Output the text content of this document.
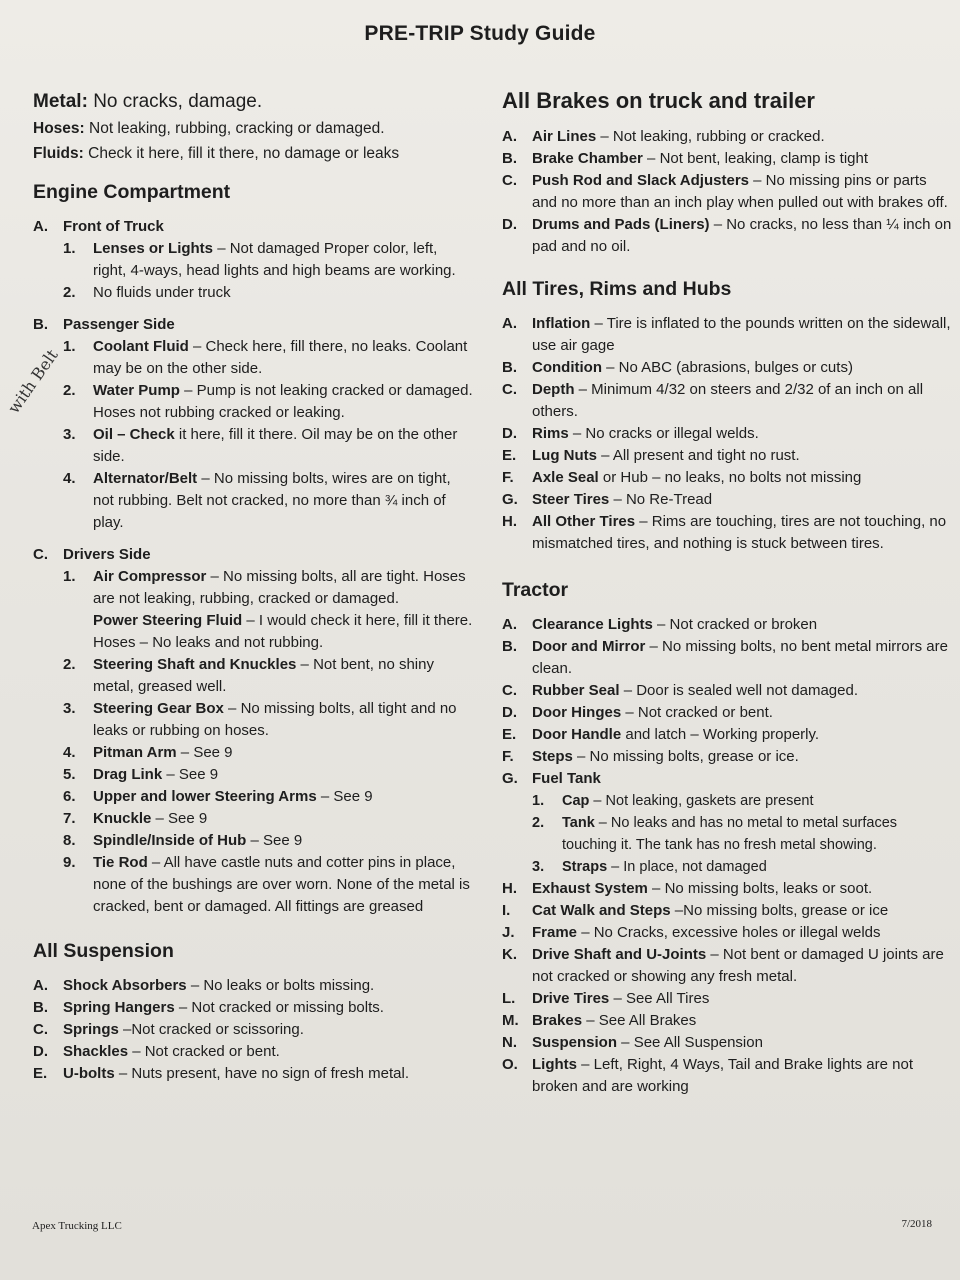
PRE-TRIP Study Guide
with Belt
Metal: No cracks, damage.
Hoses: Not leaking, rubbing, cracking or damaged.
Fluids: Check it here, fill it there, no damage or leaks
Engine Compartment
A.	Front of Truck
1.	Lenses or Lights – Not damaged Proper color, left, right, 4-ways, head lights and high beams are working.
2.	No fluids under truck
B.	Passenger Side
1.	Coolant Fluid – Check here, fill there, no leaks. Coolant may be on the other side.
2.	Water Pump – Pump is not leaking cracked or damaged. Hoses not rubbing cracked or leaking.
3.	Oil – Check it here, fill it there. Oil may be on the other side.
4.	Alternator/Belt – No missing bolts, wires are on tight, not rubbing. Belt not cracked, no more than ¾ inch of play.
C.	Drivers Side
1.	Air Compressor – No missing bolts, all are tight. Hoses are not leaking, rubbing, cracked or damaged.
Power Steering Fluid – I would check it here, fill it there. Hoses – No leaks and not rubbing.
2.	Steering Shaft and Knuckles – Not bent, no shiny metal, greased well.
3.	Steering Gear Box – No missing bolts, all tight and no leaks or rubbing on hoses.
4.	Pitman Arm – See 9
5.	Drag Link – See 9
6.	Upper and lower Steering Arms – See 9
7.	Knuckle – See 9
8.	Spindle/Inside of Hub – See 9
9.	Tie Rod – All have castle nuts and cotter pins in place, none of the bushings are over worn. None of the metal is cracked, bent or damaged. All fittings are greased
All Suspension
A.	Shock Absorbers – No leaks or bolts missing.
B.	Spring Hangers – Not cracked or missing bolts.
C.	Springs –Not cracked or scissoring.
D.	Shackles – Not cracked or bent.
E.	U-bolts – Nuts present, have no sign of fresh metal.
All Brakes on truck and trailer
A.	Air Lines – Not leaking, rubbing or cracked.
B.	Brake Chamber – Not bent, leaking, clamp is tight
C.	Push Rod and Slack Adjusters – No missing pins or parts and no more than an inch play when pulled out with brakes off.
D.	Drums and Pads (Liners) – No cracks, no less than ¼ inch on pad and no oil.
All Tires, Rims and Hubs
A.	Inflation – Tire is inflated to the pounds written on the sidewall, use air gage
B.	Condition – No ABC (abrasions, bulges or cuts)
C.	Depth – Minimum 4/32 on steers and 2/32 of an inch on all others.
D.	Rims – No cracks or illegal welds.
E.	Lug Nuts – All present and tight no rust.
F.	Axle Seal or Hub – no leaks, no bolts not missing
G. Steer Tires – No Re-Tread
H.	All Other Tires – Rims are touching, tires are not touching, no mismatched tires, and nothing is stuck between tires.
Tractor
A.	Clearance Lights – Not cracked or broken
B.	Door and Mirror – No missing bolts, no bent metal mirrors are clean.
C.	Rubber Seal – Door is sealed well not damaged.
D.	Door Hinges – Not cracked or bent.
E.	Door Handle and latch – Working properly.
F.	Steps – No missing bolts, grease or ice.
G. Fuel Tank
1.	Cap – Not leaking, gaskets are present
2.	Tank – No leaks and has no metal to metal surfaces touching it. The tank has no fresh metal showing.
3.	Straps – In place, not damaged
H.	Exhaust System – No missing bolts, leaks or soot.
I.	Cat Walk and Steps –No missing bolts, grease or ice
J.	Frame – No Cracks, excessive holes or illegal welds
K.	Drive Shaft and U-Joints – Not bent or damaged U joints are not cracked or showing any fresh metal.
L.	Drive Tires – See All Tires
M. Brakes – See All Brakes
N.	Suspension – See All Suspension
O. Lights – Left, Right, 4 Ways, Tail and Brake lights are not broken and are working
Apex Trucking LLC	7/2018
